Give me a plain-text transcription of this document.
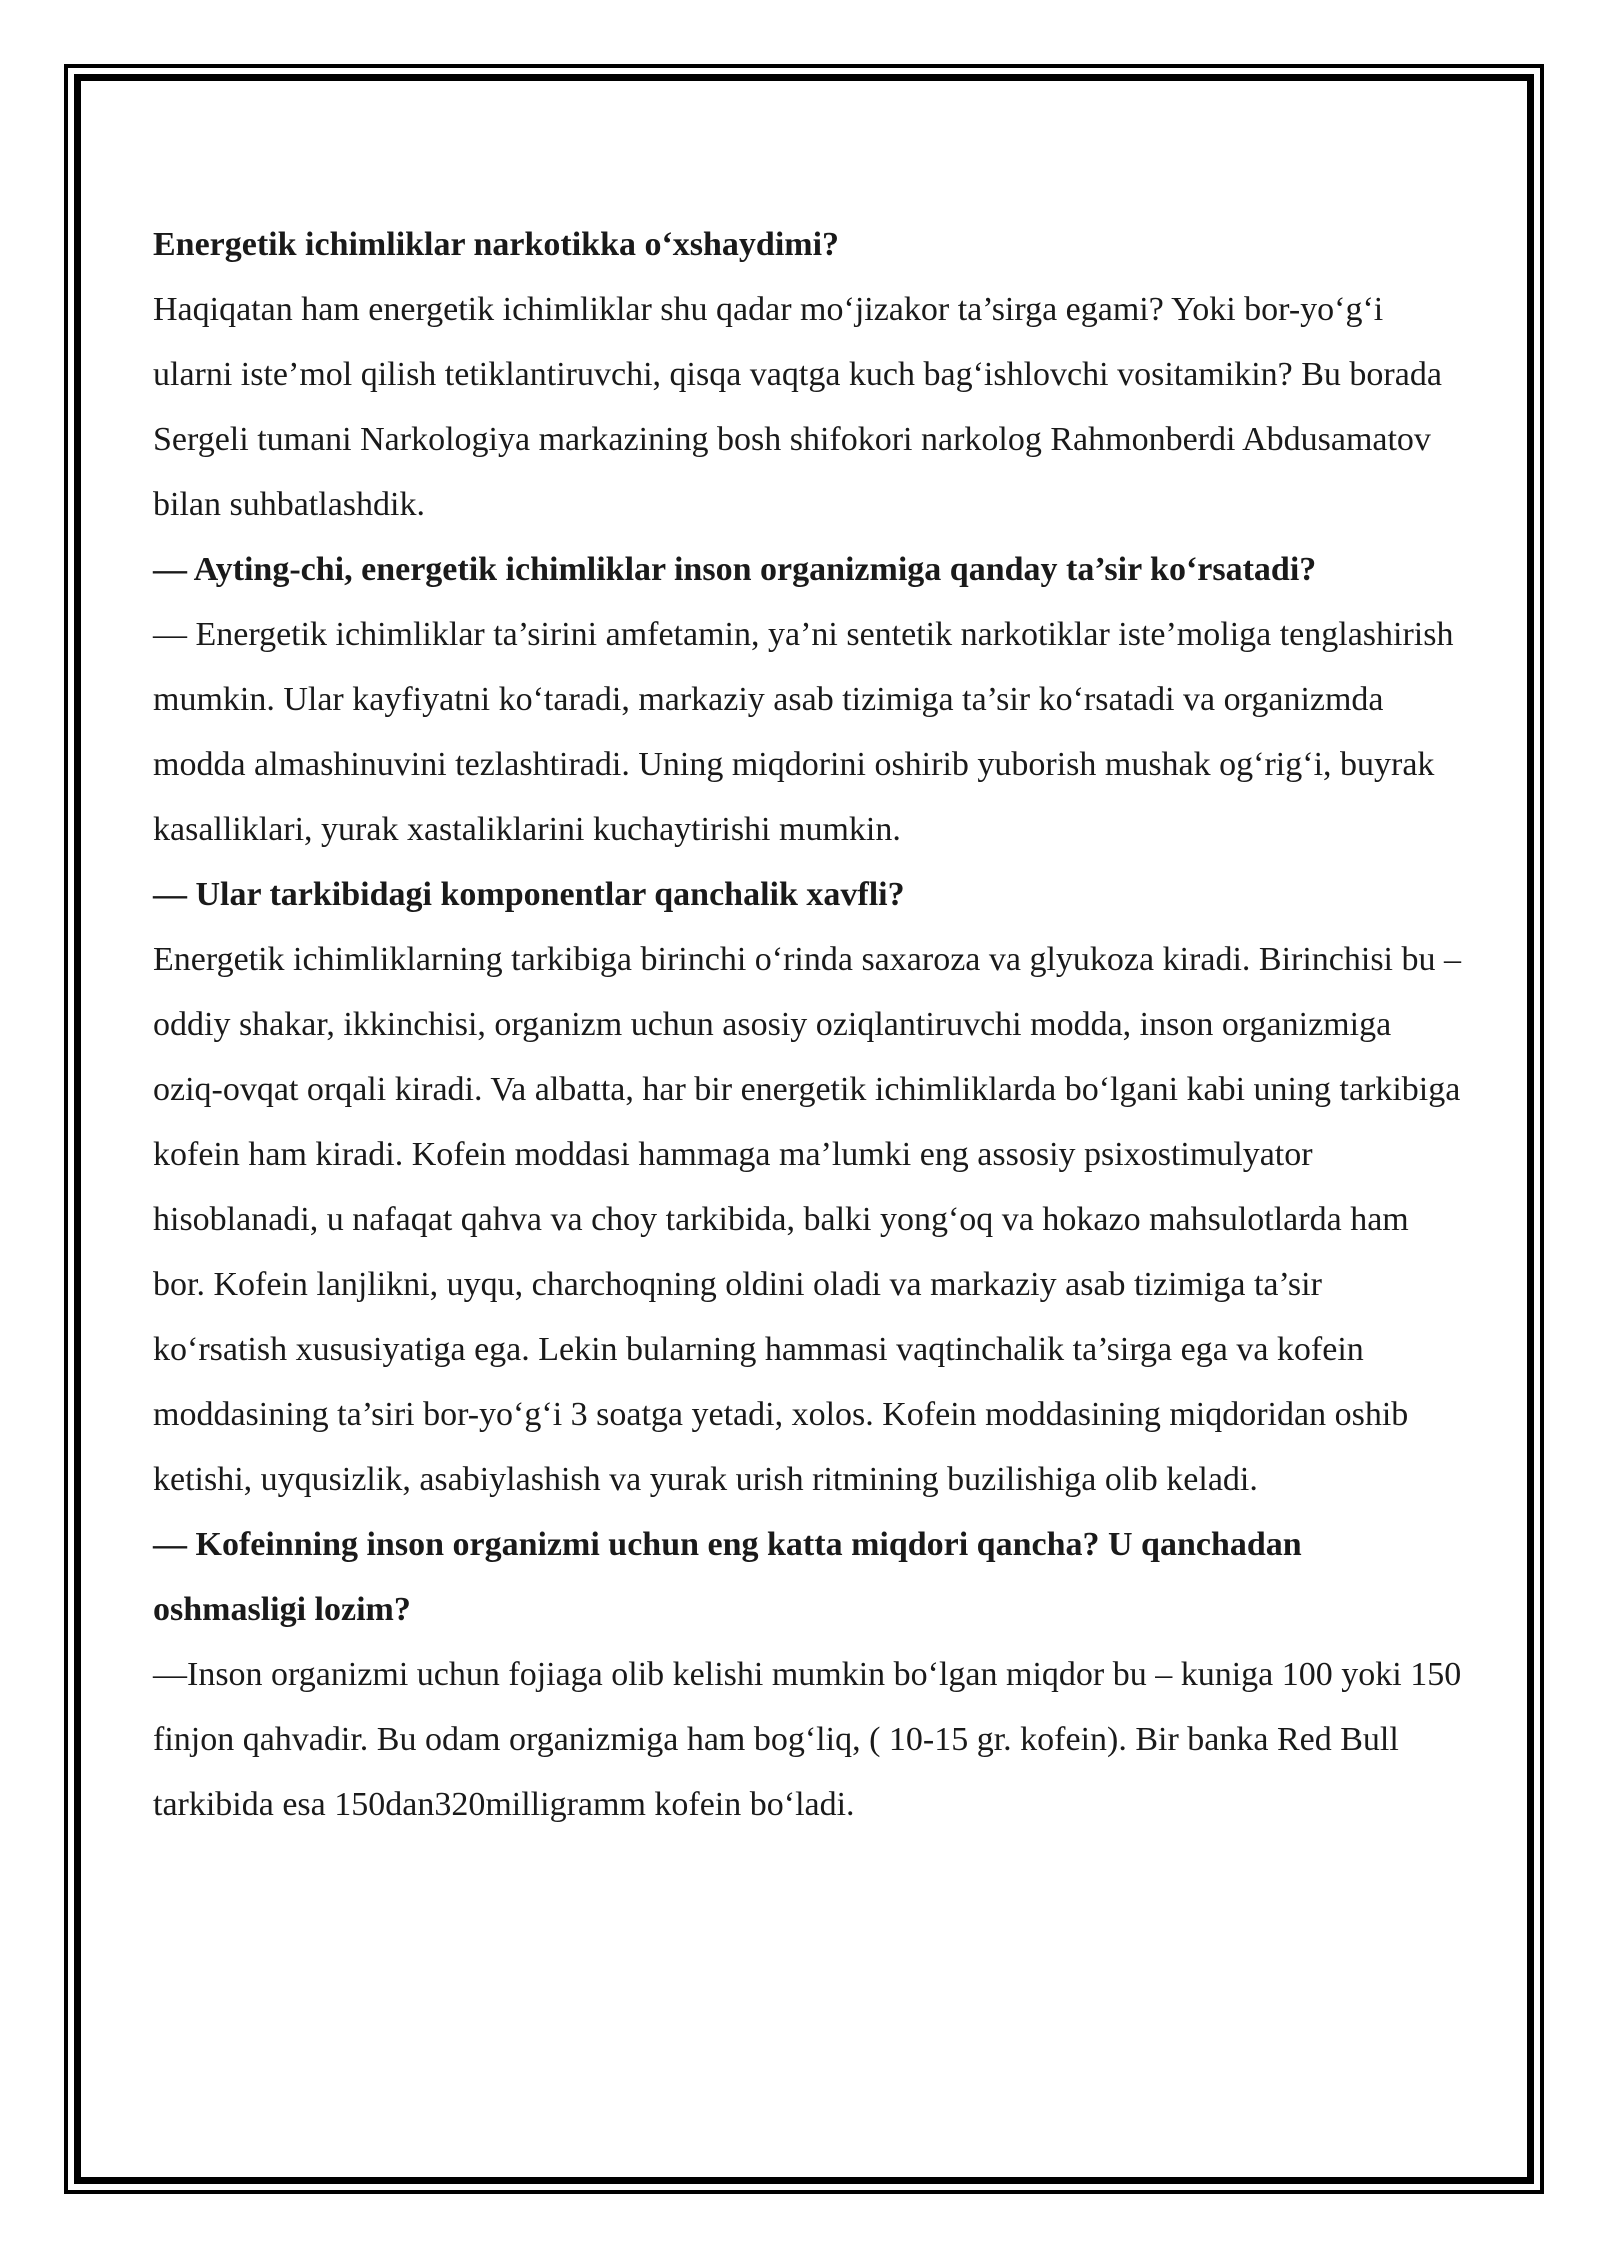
Energetik ichimliklar narkotikka o‘xshaydimi?

Haqiqatan ham energetik ichimliklar shu qadar mo‘jizakor ta’sirga egami? Yoki bor-yo‘g‘i ularni iste’mol qilish tetiklantiruvchi, qisqa vaqtga kuch bag‘ishlovchi vositamikin? Bu borada Sergeli tumani Narkologiya markazining bosh shifokori narkolog Rahmonberdi Abdusamatov bilan suhbatlashdik.

— Ayting-chi, energetik ichimliklar inson organizmiga qanday ta’sir ko‘rsatadi?

— Energetik ichimliklar ta’sirini amfetamin, ya’ni sentetik narkotiklar iste’moliga tenglashirish mumkin. Ular kayfiyatni ko‘taradi, markaziy asab tizimiga ta’sir ko‘rsatadi va organizmda modda almashinuvini tezlashtiradi. Uning miqdorini oshirib yuborish mushak og‘rig‘i, buyrak kasalliklari, yurak xastaliklarini kuchaytirishi mumkin.

— Ular tarkibidagi komponentlar qanchalik xavfli?

Energetik ichimliklarning tarkibiga birinchi o‘rinda saxaroza va glyukoza kiradi. Birinchisi bu – oddiy shakar, ikkinchisi, organizm uchun asosiy oziqlantiruvchi modda, inson organizmiga oziq-ovqat orqali kiradi. Va albatta, har bir energetik ichimliklarda bo‘lgani kabi uning tarkibiga kofein ham kiradi. Kofein moddasi hammaga ma’lumki eng assosiy psixostimulyator hisoblanadi, u nafaqat qahva va choy tarkibida, balki yong‘oq va hokazo mahsulotlarda ham bor. Kofein lanjlikni, uyqu, charchoqning oldini oladi va markaziy asab tizimiga ta’sir ko‘rsatish xususiyatiga ega. Lekin bularning hammasi vaqtinchalik ta’sirga ega va kofein moddasining ta’siri bor-yo‘g‘i 3 soatga yetadi, xolos. Kofein moddasining miqdoridan oshib ketishi, uyqusizlik, asabiylashish va yurak urish ritmining buzilishiga olib keladi.

— Kofeinning inson organizmi uchun eng katta miqdori qancha? U qanchadan oshmasligi lozim?

—Inson organizmi uchun fojiaga olib kelishi mumkin bo‘lgan miqdor bu – kuniga 100 yoki 150 finjon qahvadir. Bu odam organizmiga ham bog‘liq, ( 10-15 gr. kofein). Bir banka Red Bull tarkibida esa 150dan320milligramm kofein bo‘ladi.
